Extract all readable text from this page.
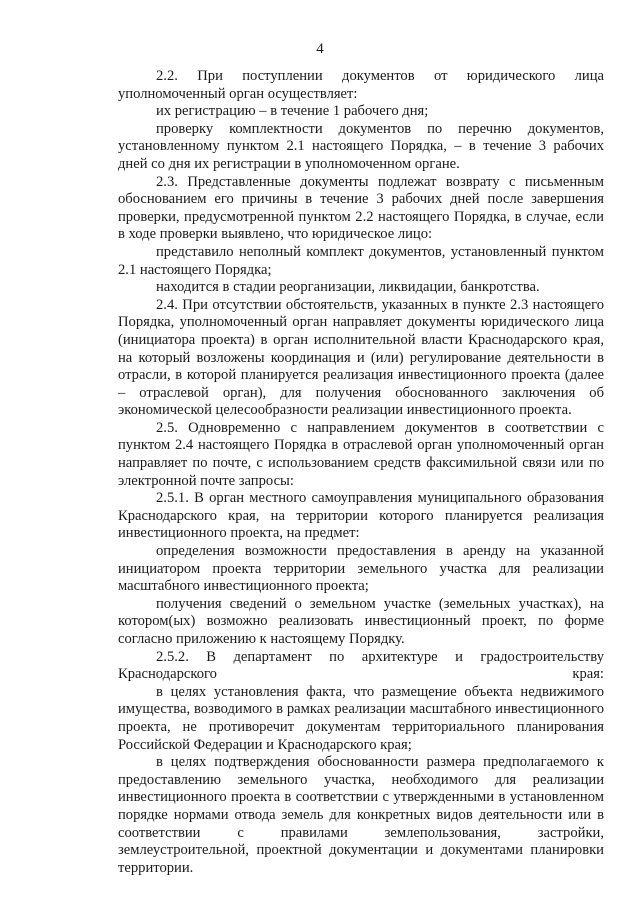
4

2.2. При поступлении документов от юридического лица уполномоченный орган осуществляет:

их регистрацию – в течение 1 рабочего дня;

проверку комплектности документов по перечню документов, установленному пунктом 2.1 настоящего Порядка, – в течение 3 рабочих дней со дня их регистрации в уполномоченном органе.

2.3. Представленные документы подлежат возврату с письменным обоснованием его причины в течение 3 рабочих дней после завершения проверки, предусмотренной пунктом 2.2 настоящего Порядка, в случае, если в ходе проверки выявлено, что юридическое лицо:

представило неполный комплект документов, установленный пунктом 2.1 настоящего Порядка;

находится в стадии реорганизации, ликвидации, банкротства.

2.4. При отсутствии обстоятельств, указанных в пункте 2.3 настоящего Порядка, уполномоченный орган направляет документы юридического лица (инициатора проекта) в орган исполнительной власти Краснодарского края, на который возложены координация и (или) регулирование деятельности в отрасли, в которой планируется реализация инвестиционного проекта (далее – отраслевой орган), для получения обоснованного заключения об экономической целесообразности реализации инвестиционного проекта.

2.5. Одновременно с направлением документов в соответствии с пунктом 2.4 настоящего Порядка в отраслевой орган уполномоченный орган направляет по почте, с использованием средств факсимильной связи или по электронной почте запросы:

2.5.1. В орган местного самоуправления муниципального образования Краснодарского края, на территории которого планируется реализация инвестиционного проекта, на предмет:

определения возможности предоставления в аренду на указанной инициатором проекта территории земельного участка для реализации масштабного инвестиционного проекта;

получения сведений о земельном участке (земельных участках), на котором(ых) возможно реализовать инвестиционный проект, по форме согласно приложению к настоящему Порядку.

2.5.2. В департамент по архитектуре и градостроительству Краснодарского края:

в целях установления факта, что размещение объекта недвижимого имущества, возводимого в рамках реализации масштабного инвестиционного проекта, не противоречит документам территориального планирования Российской Федерации и Краснодарского края;

в целях подтверждения обоснованности размера предполагаемого к предоставлению земельного участка, необходимого для реализации инвестиционного проекта в соответствии с утвержденными в установленном порядке нормами отвода земель для конкретных видов деятельности или в соответствии с правилами землепользования, застройки, землеустроительной, проектной документации и документами планировки территории.
